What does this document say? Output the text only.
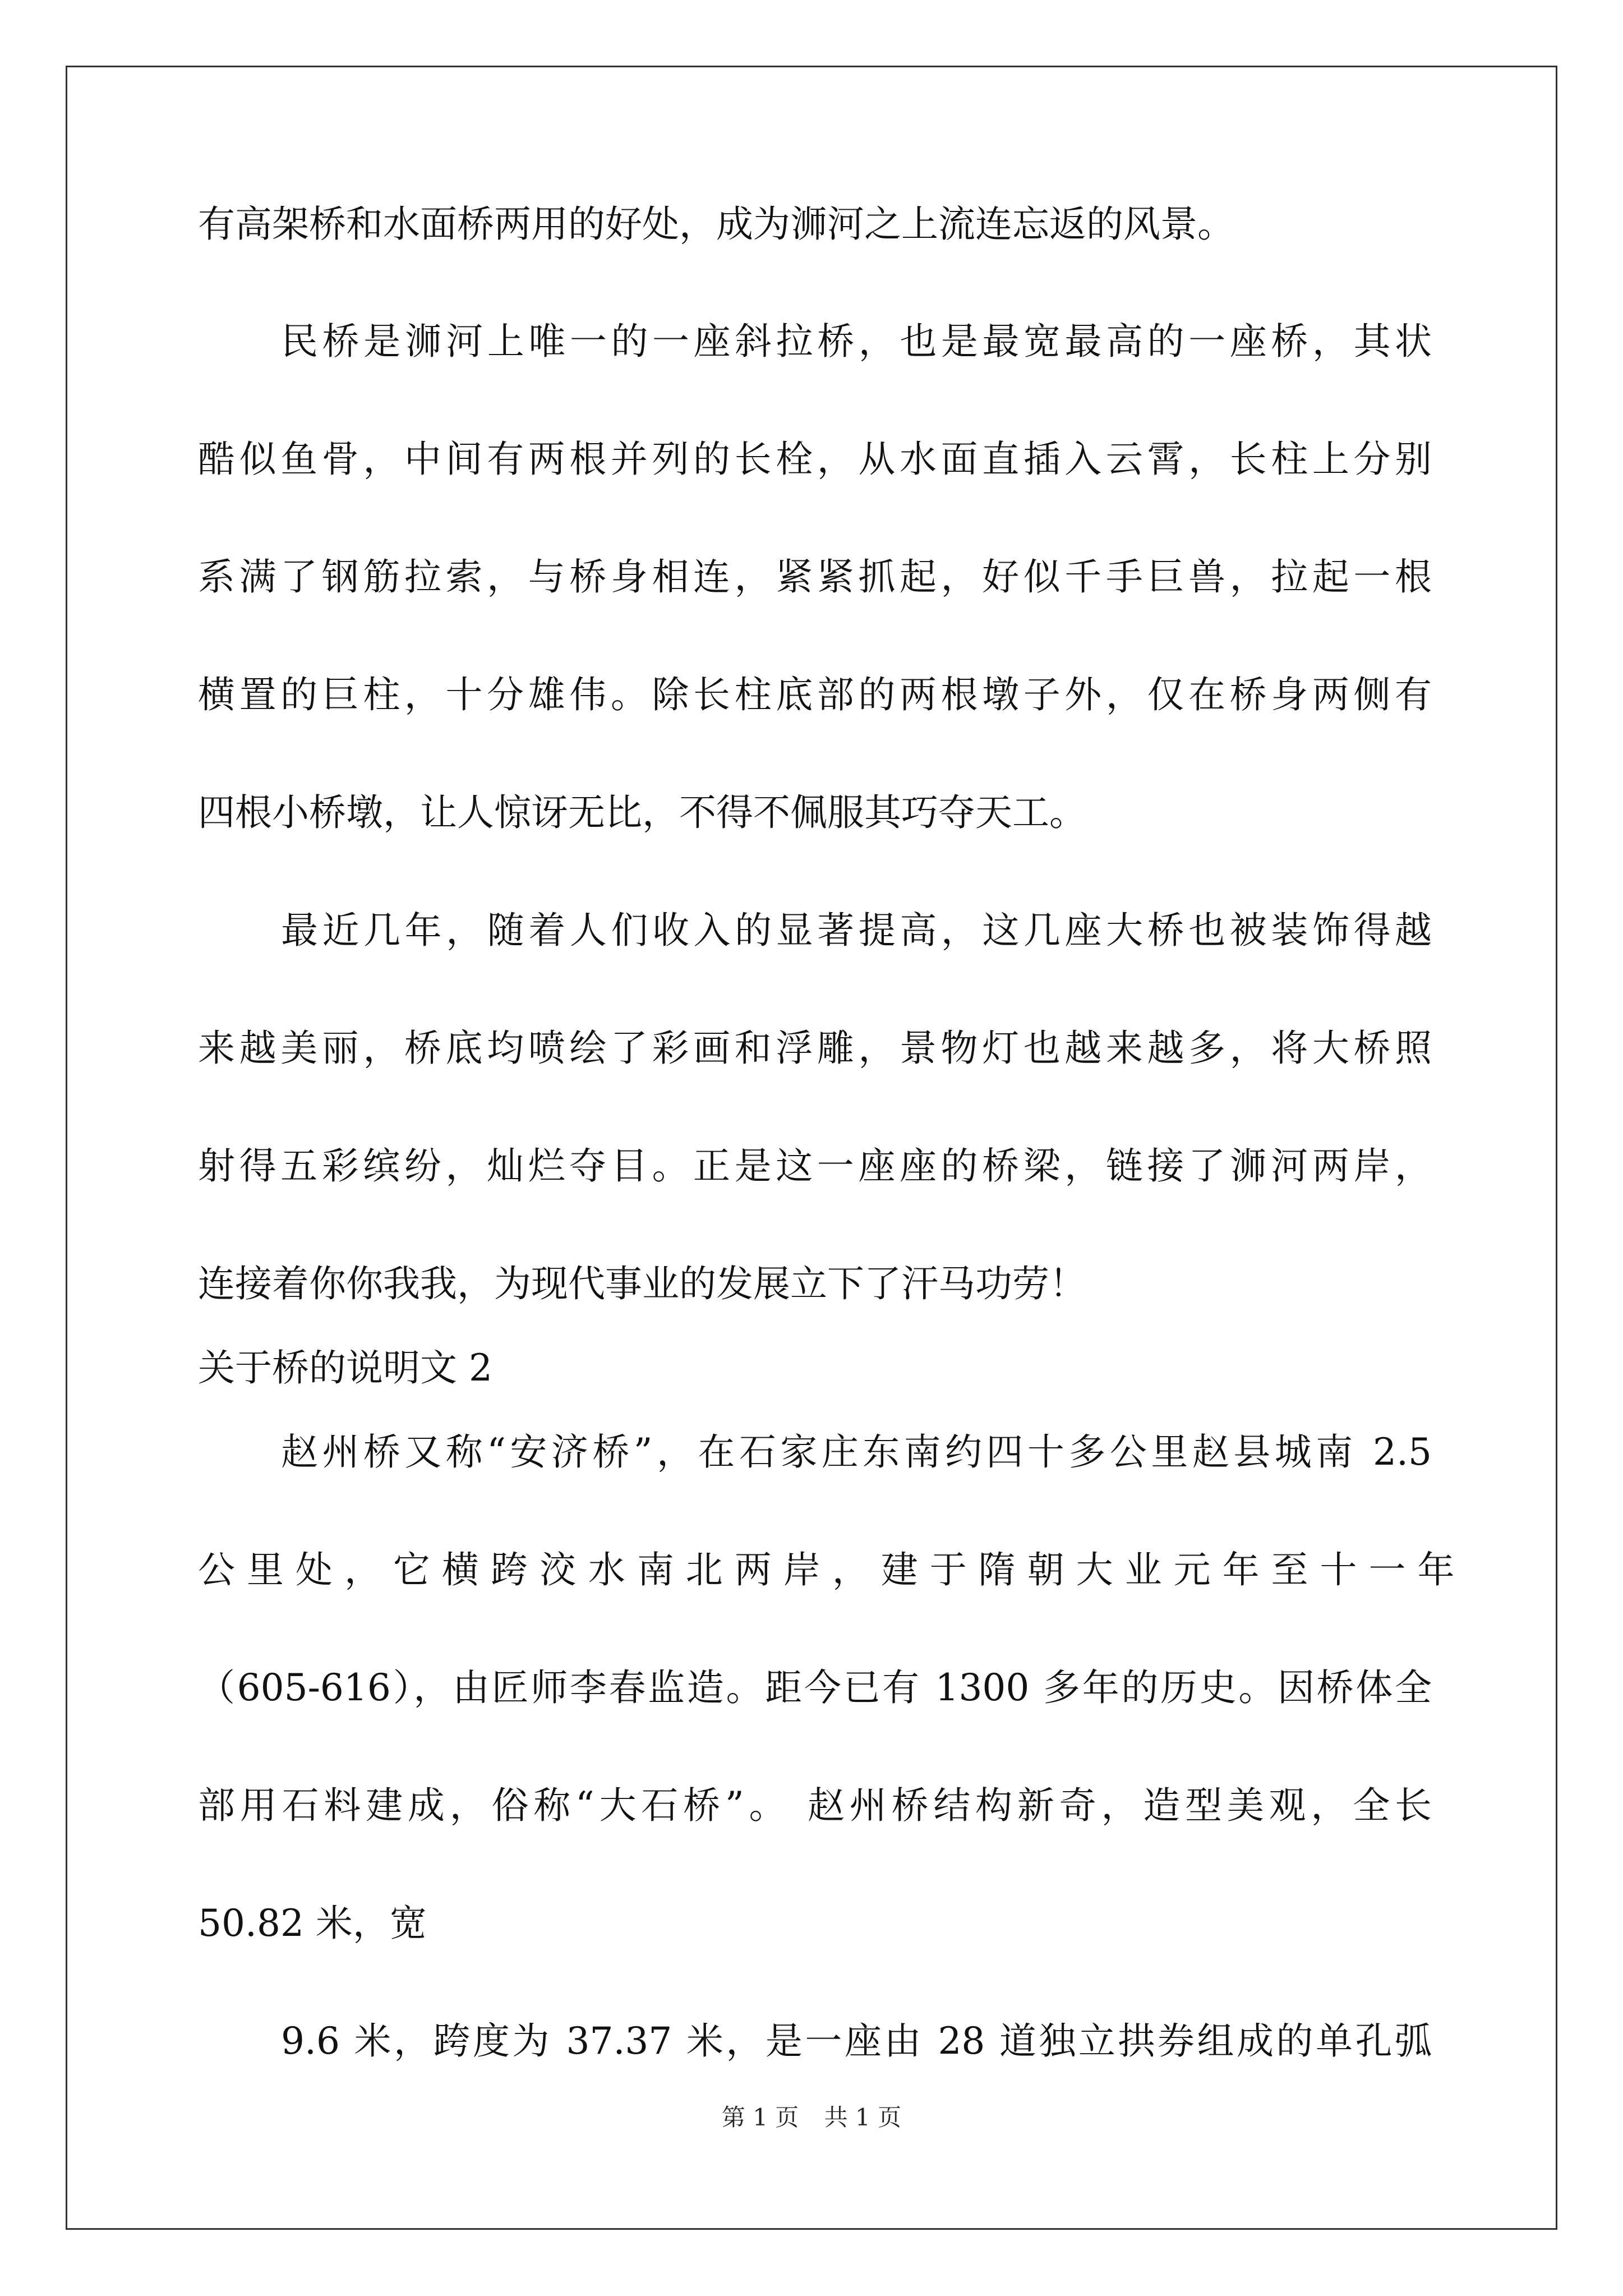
有高架桥和水面桥两用的好处，成为浉河之上流连忘返的风景。
民桥是浉河上唯一的一座斜拉桥，也是最宽最高的一座桥，其状
酷似鱼骨，中间有两根并列的长栓，从水面直插入云霄，长柱上分别
系满了钢筋拉索，与桥身相连，紧紧抓起，好似千手巨兽，拉起一根
横置的巨柱，十分雄伟。除长柱底部的两根墩子外，仅在桥身两侧有
四根小桥墩，让人惊讶无比，不得不佩服其巧夺天工。
最近几年，随着人们收入的显著提高，这几座大桥也被装饰得越
来越美丽，桥底均喷绘了彩画和浮雕，景物灯也越来越多，将大桥照
射得五彩缤纷，灿烂夺目。正是这一座座的桥梁，链接了浉河两岸，
连接着你你我我，为现代事业的发展立下了汗马功劳！
关于桥的说明文 2
赵州桥又称“安济桥”，在石家庄东南约四十多公里赵县城南 2.5
公 里 处 ， 它 横 跨 洨 水 南 北 两 岸 ， 建 于 隋 朝 大 业 元 年 至 十 一 年
（605-616），由匠师李春监造。距今已有 1300 多年的历史。因桥体全
部用石料建成，俗称“大石桥”。 赵州桥结构新奇，造型美观，全长
50.82 米，宽
9.6 米，跨度为 37.37 米，是一座由 28 道独立拱券组成的单孔弧
第 1 页 共 1 页
